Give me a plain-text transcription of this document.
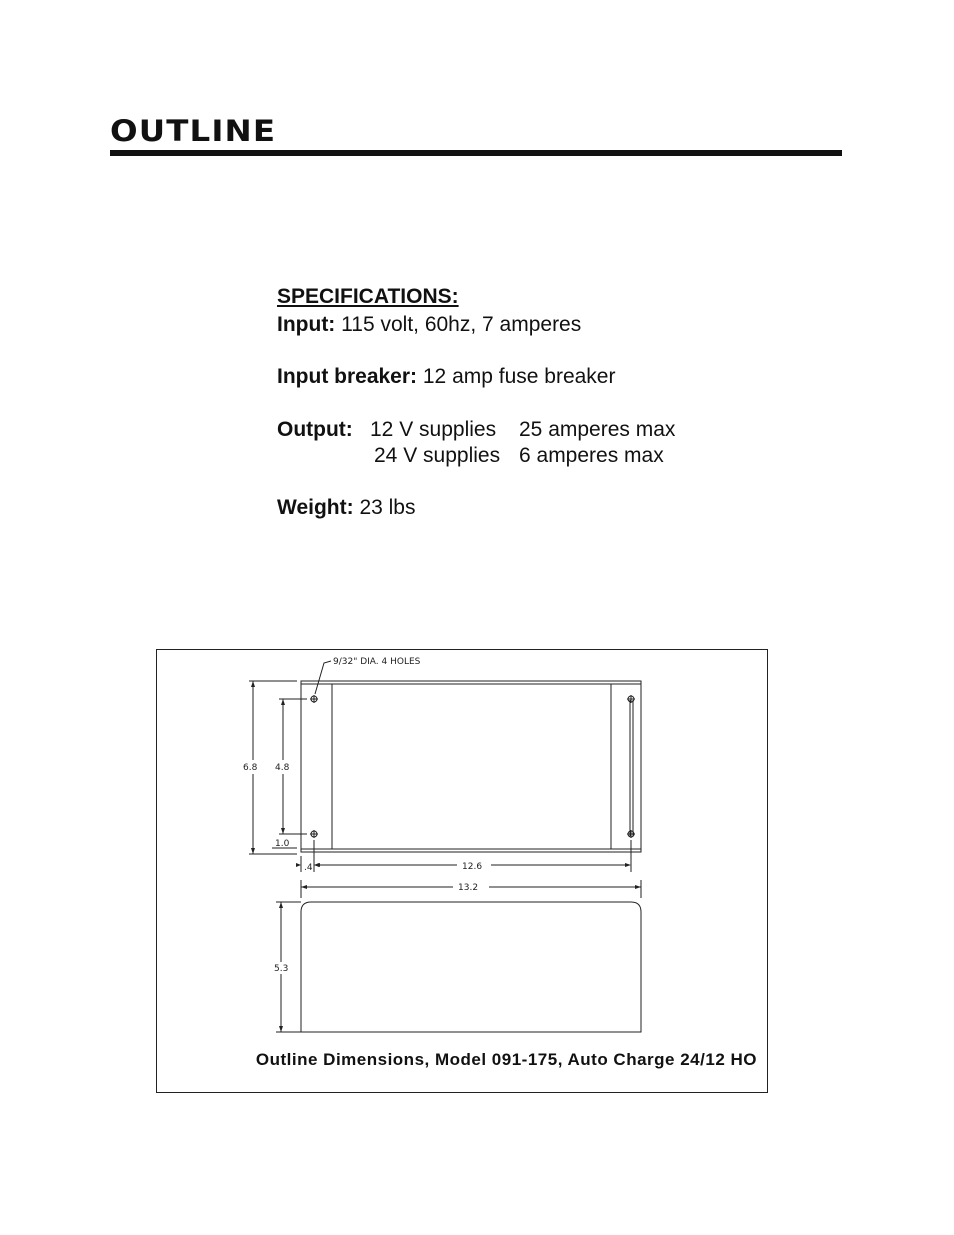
OUTLINE
SPECIFICATIONS:
Input: 115 volt, 60hz, 7 amperes
Input breaker: 12 amp fuse breaker
Output: 12 V supplies 25 amperes max
24 V supplies 6 amperes max
Weight: 23 lbs
9/32" DIA. 4 HOLES
6.8 4.8
1.0
.4	12.6
13.2
5.3
Outline Dimensions, Model 091-175, Auto Charge 24/12 HO
